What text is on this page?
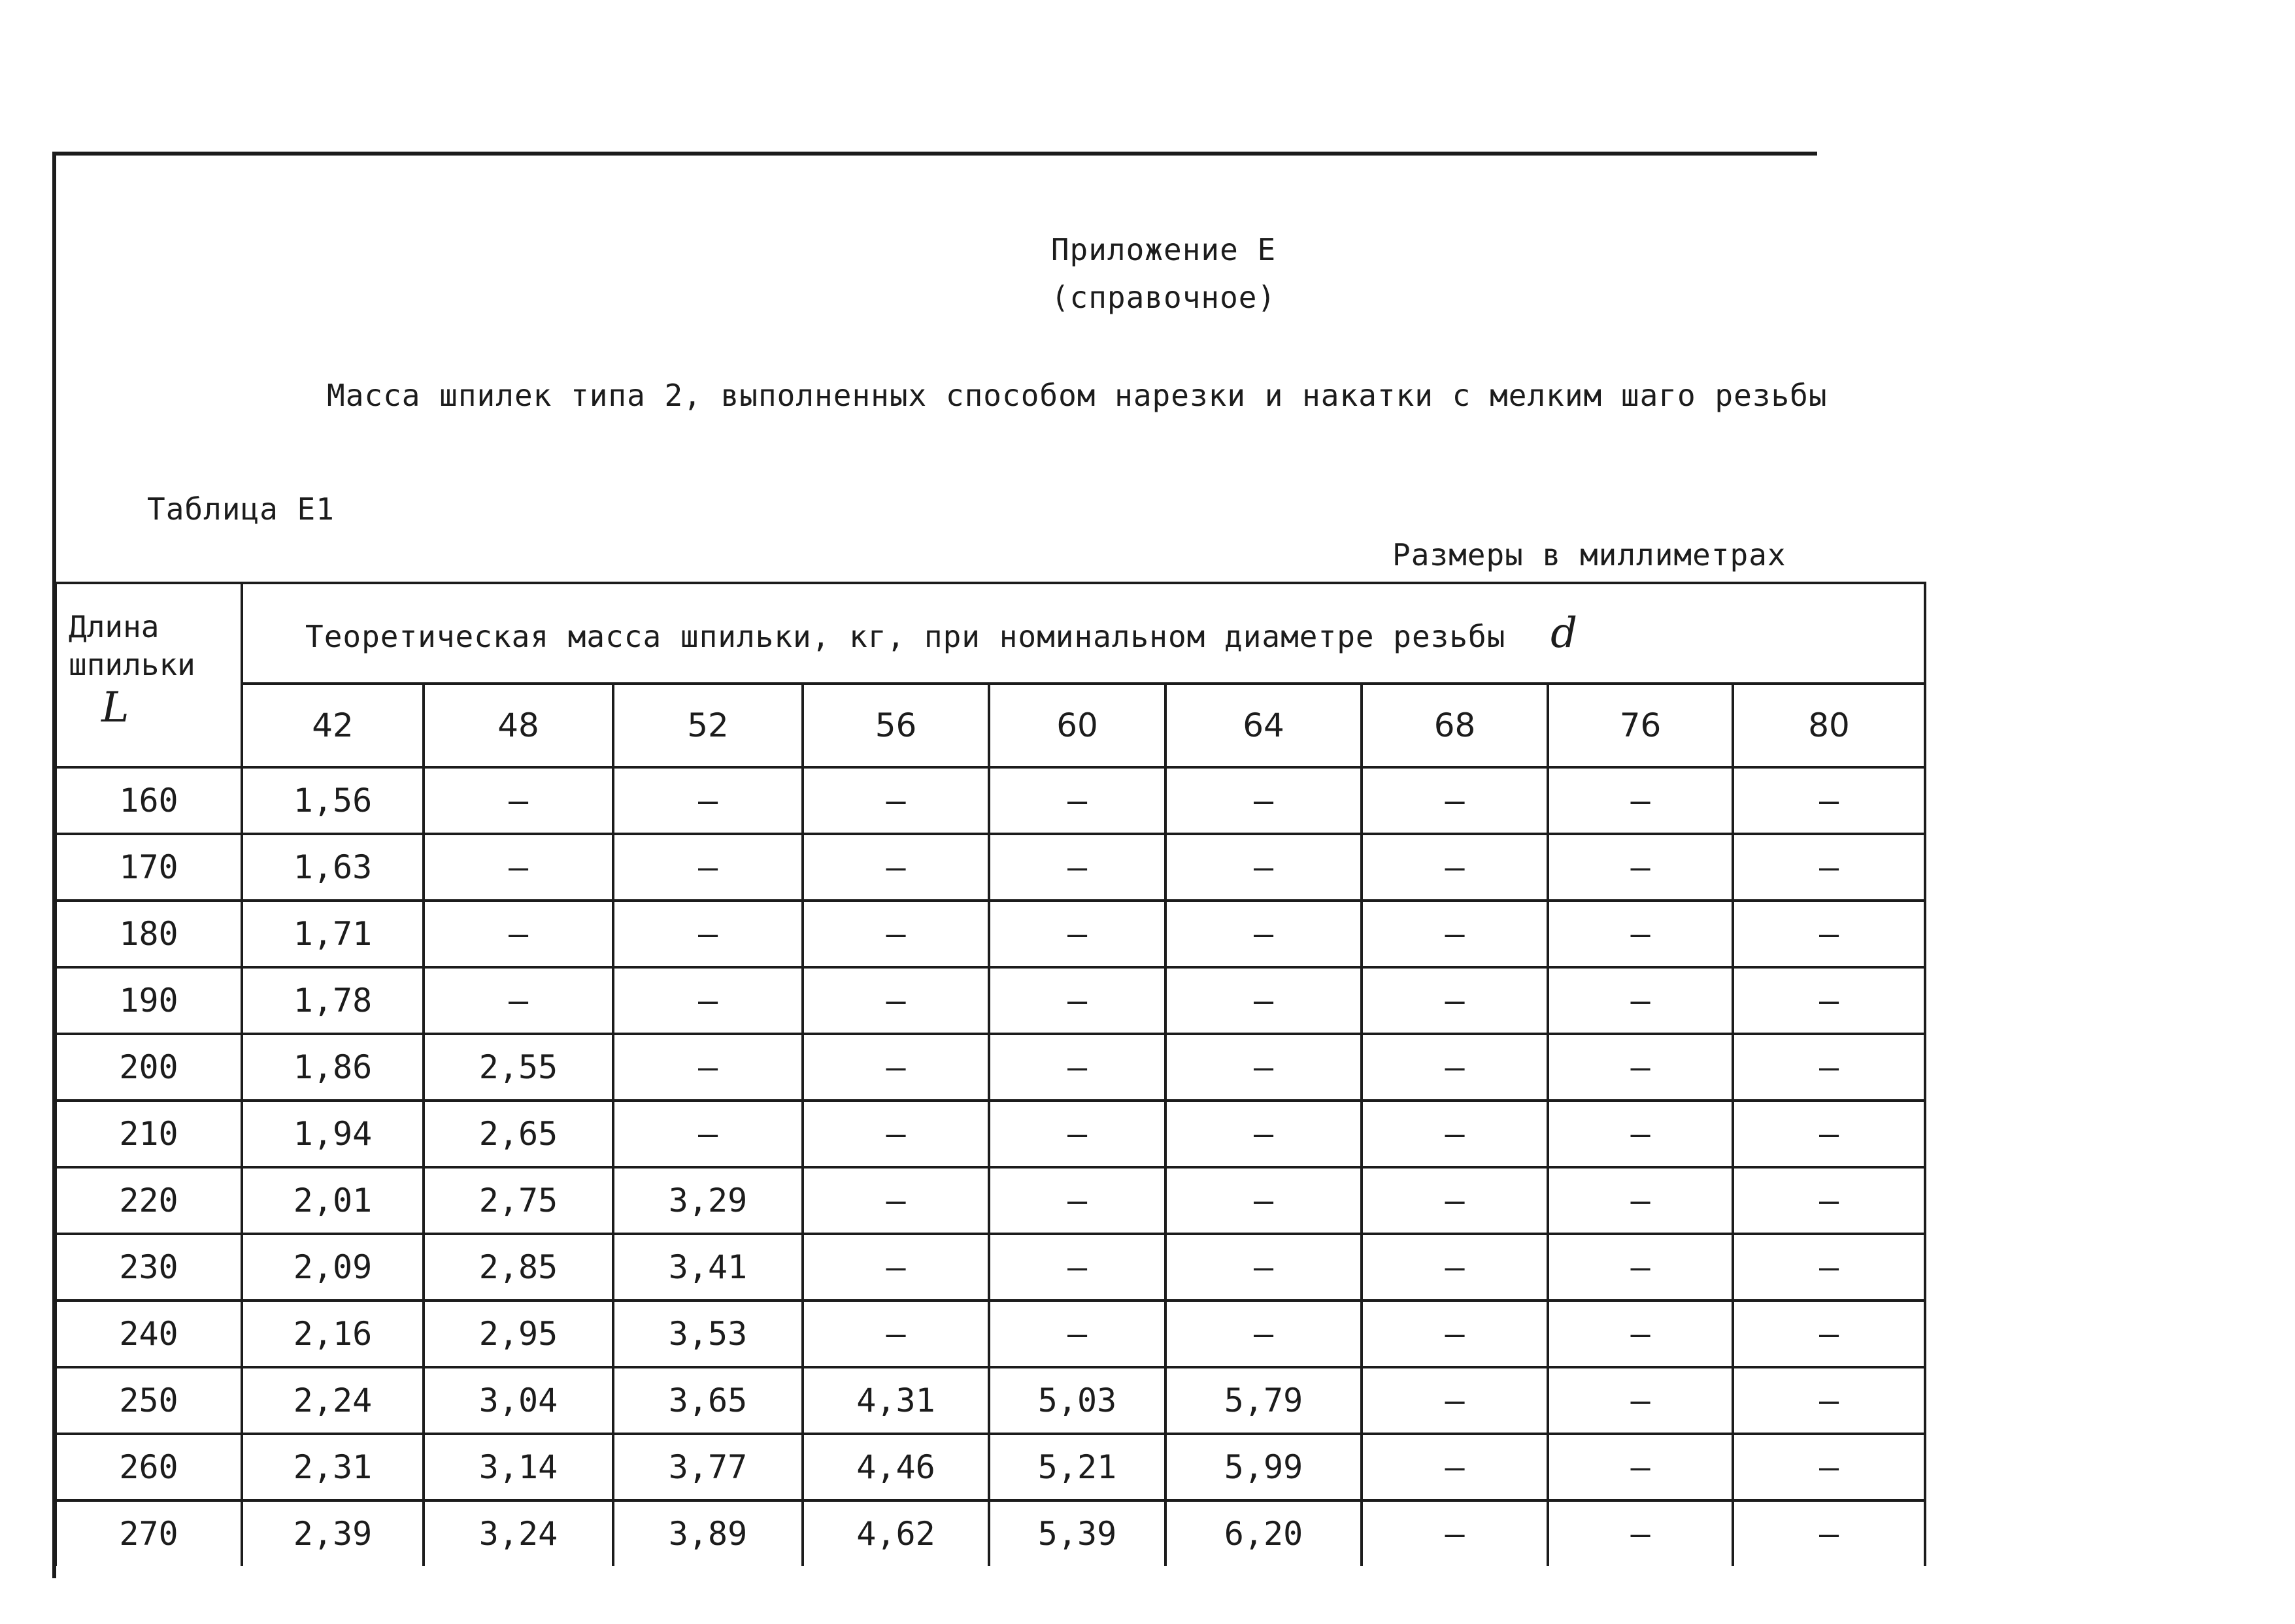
Приложение Е
(справочное)
Масса шпилек типа 2, выполненных способом нарезки и накатки с мелким шаго резьбы
Таблица Е1
Размеры в миллиметрах
Длина шпильки
L	Теоретическая масса шпильки, кг, при номинальном диаметре резьбы d								
	42	48	52	56	60	64	68	76	80
160	1,56	–	–	–	–	–	–	–	–
170	1,63	–	–	–	–	–	–	–	–
180	1,71	–	–	–	–	–	–	–	–
190	1,78	–	–	–	–	–	–	–	–
200	1,86	2,55	–	–	–	–	–	–	–
210	1,94	2,65	–	–	–	–	–	–	–
220	2,01	2,75	3,29	–	–	–	–	–	–
230	2,09	2,85	3,41	–	–	–	–	–	–
240	2,16	2,95	3,53	–	–	–	–	–	–
250	2,24	3,04	3,65	4,31	5,03	5,79	–	–	–
260	2,31	3,14	3,77	4,46	5,21	5,99	–	–	–
270	2,39	3,24	3,89	4,62	5,39	6,20	–	–	–
